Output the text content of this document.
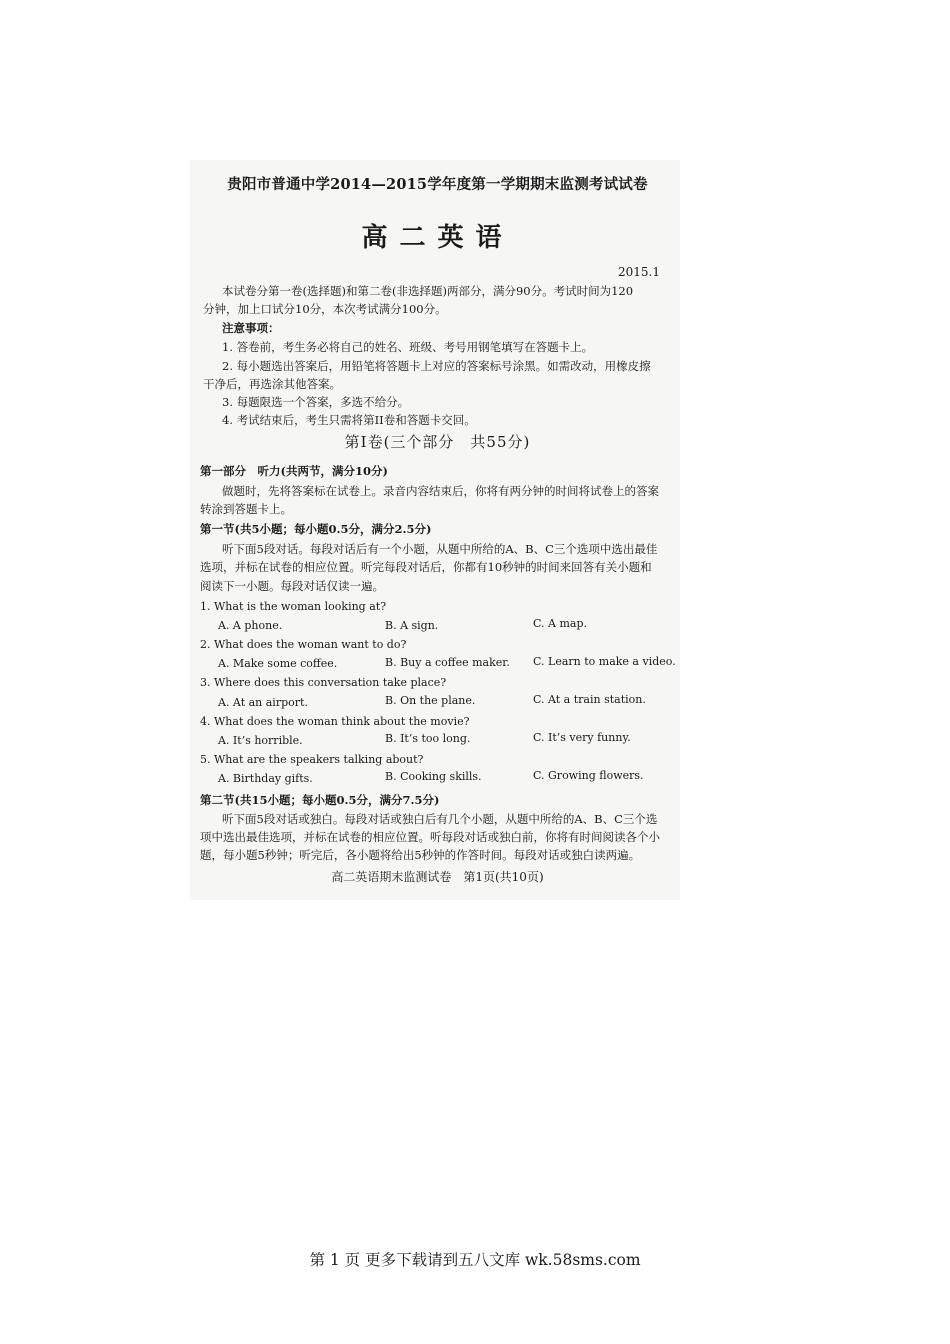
贵阳市普通中学2014—2015学年度第一学期期末监测考试试卷
高二英语
2015.1
本试卷分第一卷(选择题)和第二卷(非选择题)两部分，满分90分。考试时间为120
分钟，加上口试分10分，本次考试满分100分。
注意事项：
1. 答卷前，考生务必将自己的姓名、班级、考号用钢笔填写在答题卡上。
2. 每小题选出答案后，用铅笔将答题卡上对应的答案标号涂黑。如需改动，用橡皮擦
干净后，再选涂其他答案。
3. 每题限选一个答案，多选不给分。
4. 考试结束后，考生只需将第II卷和答题卡交回。
第Ⅰ卷(三个部分　共55分)
第一部分　听力(共两节，满分10分)
做题时，先将答案标在试卷上。录音内容结束后，你将有两分钟的时间将试卷上的答案
转涂到答题卡上。
第一节(共5小题；每小题0.5分，满分2.5分)
听下面5段对话。每段对话后有一个小题，从题中所给的A、B、C三个选项中选出最佳
选项，并标在试卷的相应位置。听完每段对话后，你都有10秒钟的时间来回答有关小题和
阅读下一小题。每段对话仅读一遍。
1. What is the woman looking at?
A. A phone.	B. A sign.	C. A map.
2. What does the woman want to do?
A. Make some coffee.	B. Buy a coffee maker. C. Learn to make a video.
3. Where does this conversation take place?
A. At an airport.	B. On the plane.	C. At a train station.
4. What does the woman think about the movie?
A. It’s horrible.	B. It’s too long.	C. It’s very funny.
5. What are the speakers talking about?
A. Birthday gifts.	B. Cooking skills.	C. Growing flowers.
第二节(共15小题；每小题0.5分，满分7.5分)
听下面5段对话或独白。每段对话或独白后有几个小题，从题中所给的A、B、C三个选
项中选出最佳选项，并标在试卷的相应位置。听每段对话或独白前，你将有时间阅读各个小
题，每小题5秒钟；听完后，各小题将给出5秒钟的作答时间。每段对话或独白读两遍。
高二英语期末监测试卷　第1页(共10页)
第 1 页 更多下载请到五八文库 wk.58sms.com
